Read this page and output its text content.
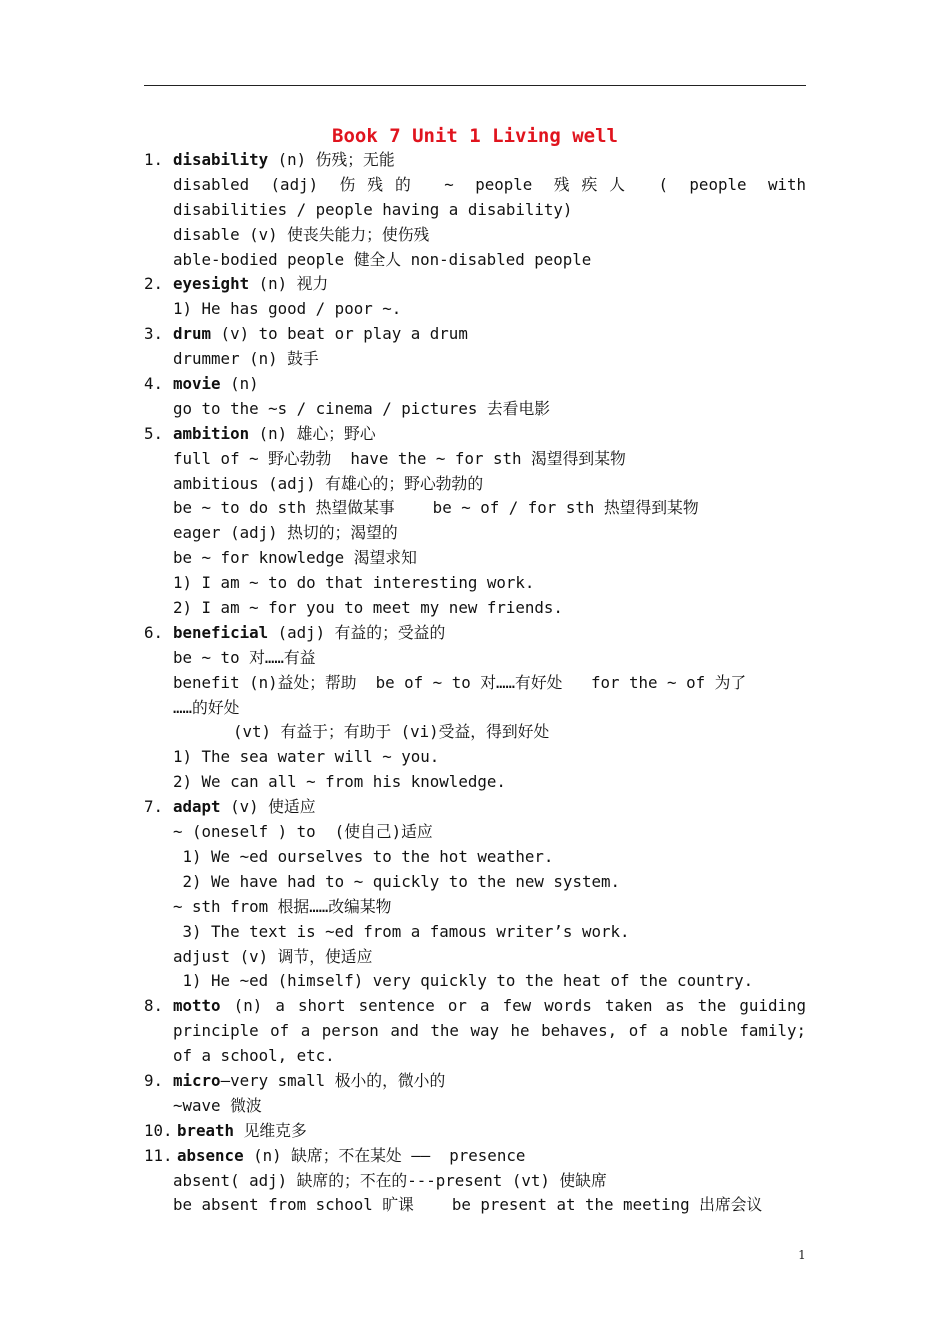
Book 7 Unit 1 Living well
1. disability (n) 伤残；无能
disabled (adj) 伤残的 ~ people 残疾人 ( people with
disabilities / people having a disability)
disable (v) 使丧失能力；使伤残
able-bodied people 健全人 non-disabled people
2. eyesight (n) 视力
1) He has good / poor ~.
3. drum (v) to beat or play a drum
drummer (n) 鼓手
4. movie (n)
go to the ~s / cinema / pictures 去看电影
5. ambition (n) 雄心；野心
full of ~ 野心勃勃  have the ~ for sth 渴望得到某物
ambitious (adj) 有雄心的；野心勃勃的
be ~ to do sth 热望做某事    be ~ of / for sth 热望得到某物
eager (adj) 热切的；渴望的
be ~ for knowledge 渴望求知
1) I am ~ to do that interesting work.
2) I am ~ for you to meet my new friends.
6. beneficial (adj) 有益的；受益的
be ~ to 对……有益
benefit (n)益处；帮助  be of ~ to 对……有好处   for the ~ of 为了
……的好处
(vt) 有益于；有助于 (vi)受益，得到好处
1) The sea water will ~ you.
2) We can all ~ from his knowledge.
7. adapt (v) 使适应
~ (oneself ) to  (使自己)适应
1) We ~ed ourselves to the hot weather.
2) We have had to ~ quickly to the new system.
~ sth from 根据……改编某物
3) The text is ~ed from a famous writer’s work.
adjust (v) 调节，使适应
1) He ~ed (himself) very quickly to the heat of the country.
8. motto (n) a short sentence or a few words taken as the guiding
principle of a person and the way he behaves, of a noble family;
of a school, etc.
9. micro—very small 极小的，微小的
~wave 微波
10. breath 见维克多
11. absence (n) 缺席；不在某处 ——  presence
absent( adj) 缺席的；不在的---present (vt) 使缺席
be absent from school 旷课    be present at the meeting 出席会议
1
